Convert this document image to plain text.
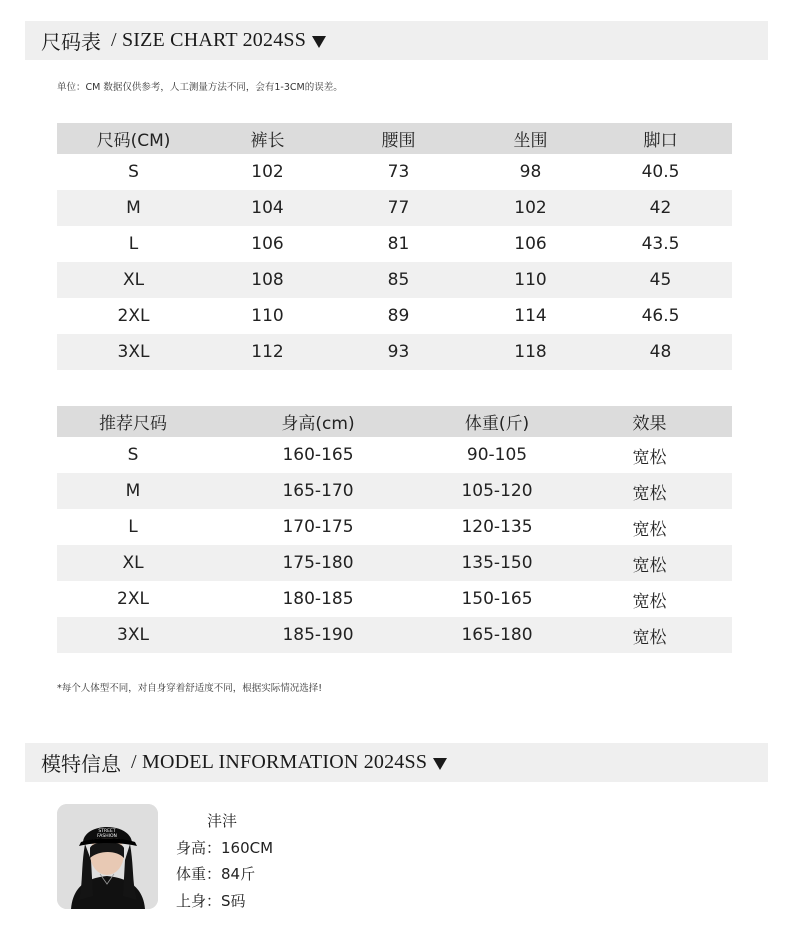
尺码表 / SIZE CHART 2024SS
单位：CM 数据仅供参考，人工测量方法不同，会有1-3CM的误差。
尺码(CM)	裤长	腰围	坐围	脚口
S	102	73	98	40.5
M	104	77	102	42
L	106	81	106	43.5
XL	108	85	110	45
2XL	110	89	114	46.5
3XL	112	93	118	48
推荐尺码	身高(cm)	体重(斤)	效果
S	160-165	90-105	宽松
M	165-170	105-120	宽松
L	170-175	120-135	宽松
XL	175-180	135-150	宽松
2XL	180-185	150-165	宽松
3XL	185-190	165-180	宽松
*每个人体型不同，对自身穿着舒适度不同，根据实际情况选择!
模特信息 / MODEL INFORMATION 2024SS
STREET
FASHION
沣沣
身高：160CM
体重：84斤
上身：S码
